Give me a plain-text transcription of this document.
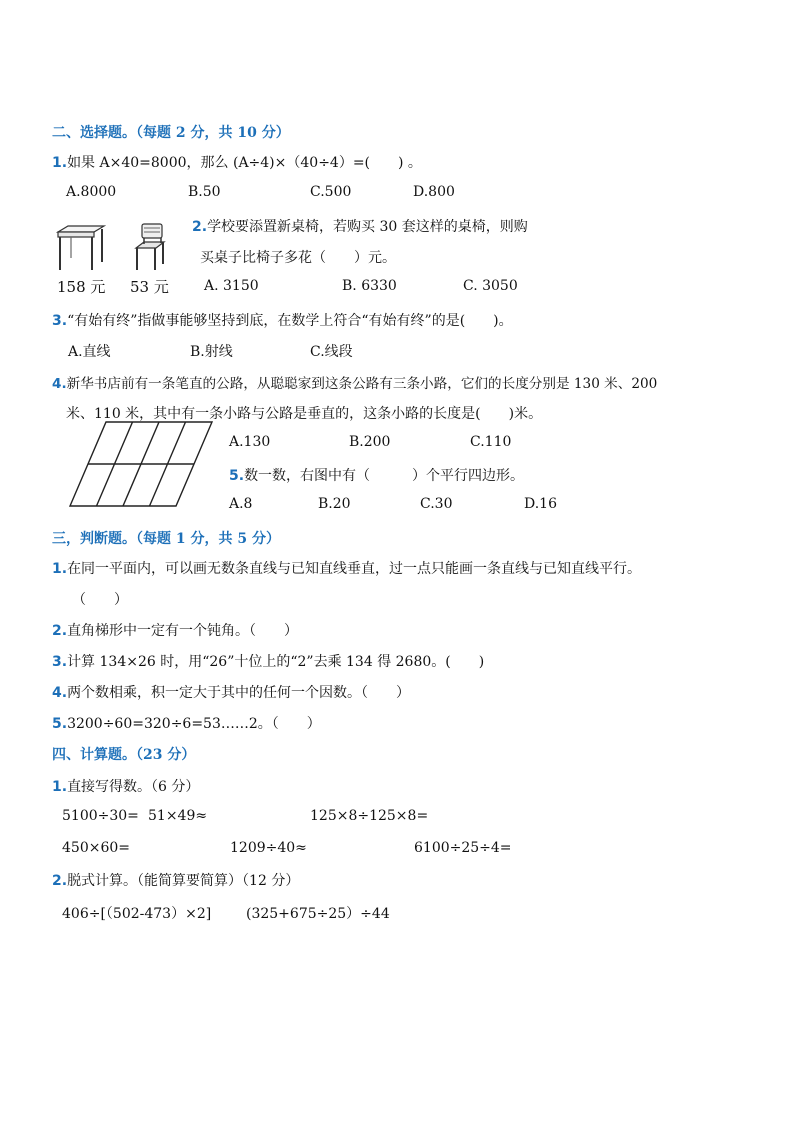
二、选择题。（每题 2 分，共 10 分）
1.如果 A×40=8000，那么 (A÷4)×（40÷4）=(　　) 。
A.8000	B.50	C.500	D.800
158 元 53 元
2.学校要添置新桌椅，若购买 30 套这样的桌椅，则购
买桌子比椅子多花（　　）元。
A. 3150	B. 6330	C. 3050
3.“有始有终”指做事能够坚持到底，在数学上符合“有始有终”的是(　　)。
A.直线	B.射线	C.线段
4.新华书店前有一条笔直的公路，从聪聪家到这条公路有三条小路，它们的长度分别是 130 米、200
米、110 米，其中有一条小路与公路是垂直的，这条小路的长度是(　　)米。
A.130	B.200	C.110
5.数一数，右图中有（　　　）个平行四边形。
A.8	B.20	C.30	D.16
三，判断题。（每题 1 分，共 5 分）
1.在同一平面内，可以画无数条直线与已知直线垂直，过一点只能画一条直线与已知直线平行。
（　　）
2.直角梯形中一定有一个钝角。（　　）
3.计算 134×26 时，用“26”十位上的“2”去乘 134 得 2680。(　　)
4.两个数相乘，积一定大于其中的任何一个因数。（　　）
5.3200÷60=320÷6=53……2。（　　）
四、计算题。（23 分）
1.直接写得数。（6 分）
5100÷30= 51×49≈	125×8÷125×8=
450×60=	1209÷40≈	6100÷25÷4=
2.脱式计算。（能简算要简算）（12 分）
406÷[（502-473）×2] (325+675÷25）÷44
